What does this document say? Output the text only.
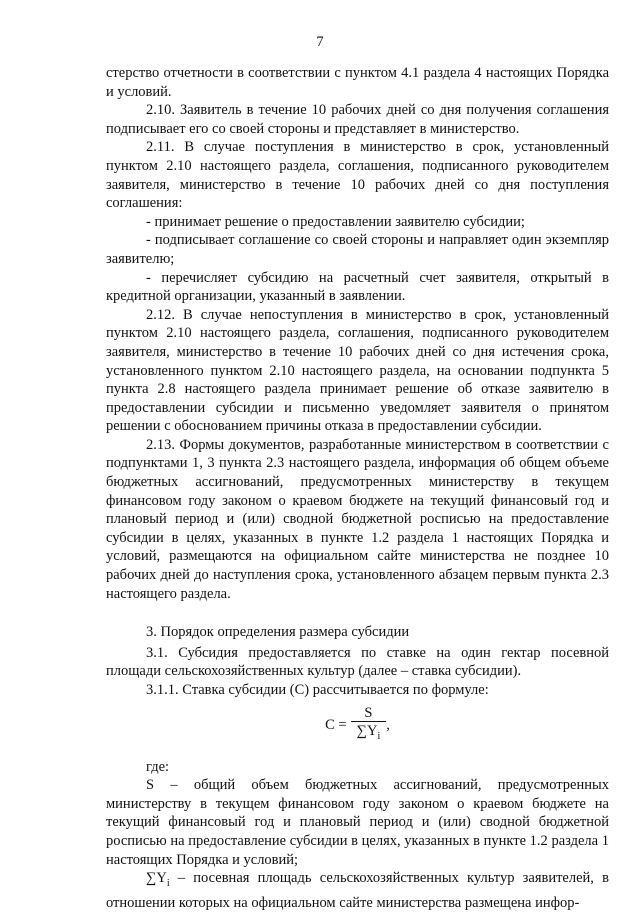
7

стерство отчетности в соответствии с пунктом 4.1 раздела 4 настоящих Порядка и условий.

2.10. Заявитель в течение 10 рабочих дней со дня получения соглашения подписывает его со своей стороны и представляет в министерство.

2.11. В случае поступления в министерство в срок, установленный пунктом 2.10 настоящего раздела, соглашения, подписанного руководителем заявителя, министерство в течение 10 рабочих дней со дня поступления соглашения:

- принимает решение о предоставлении заявителю субсидии;

- подписывает соглашение со своей стороны и направляет один экземпляр заявителю;

- перечисляет субсидию на расчетный счет заявителя, открытый в кредитной организации, указанный в заявлении.

2.12. В случае непоступления в министерство в срок, установленный пунктом 2.10 настоящего раздела, соглашения, подписанного руководителем заявителя, министерство в течение 10 рабочих дней со дня истечения срока, установленного пунктом 2.10 настоящего раздела, на основании подпункта 5 пункта 2.8 настоящего раздела принимает решение об отказе заявителю в предоставлении субсидии и письменно уведомляет заявителя о принятом решении с обоснованием причины отказа в предоставлении субсидии.

2.13. Формы документов, разработанные министерством в соответствии с подпунктами 1, 3 пункта 2.3 настоящего раздела, информация об общем объеме бюджетных ассигнований, предусмотренных министерству в текущем финансовом году законом о краевом бюджете на текущий финансовый год и плановый период и (или) сводной бюджетной росписью на предоставление субсидии в целях, указанных в пункте 1.2 раздела 1 настоящих Порядка и условий, размещаются на официальном сайте министерства не позднее 10 рабочих дней до наступления срока, установленного абзацем первым пункта 2.3 настоящего раздела.

3. Порядок определения размера субсидии

3.1. Субсидия предоставляется по ставке на один гектар посевной площади сельскохозяйственных культур (далее – ставка субсидии).

3.1.1. Ставка субсидии (С) рассчитывается по формуле:

$С = \frac{S}{\sum Y_i}$ ,

где:

S – общий объем бюджетных ассигнований, предусмотренных министерству в текущем финансовом году законом о краевом бюджете на текущий финансовый год и плановый период и (или) сводной бюджетной росписью на предоставление субсидии в целях, указанных в пункте 1.2 раздела 1 настоящих Порядка и условий;

$\sum Y_i$ – посевная площадь сельскохозяйственных культур заявителей, в отношении которых на официальном сайте министерства размещена инфор-
